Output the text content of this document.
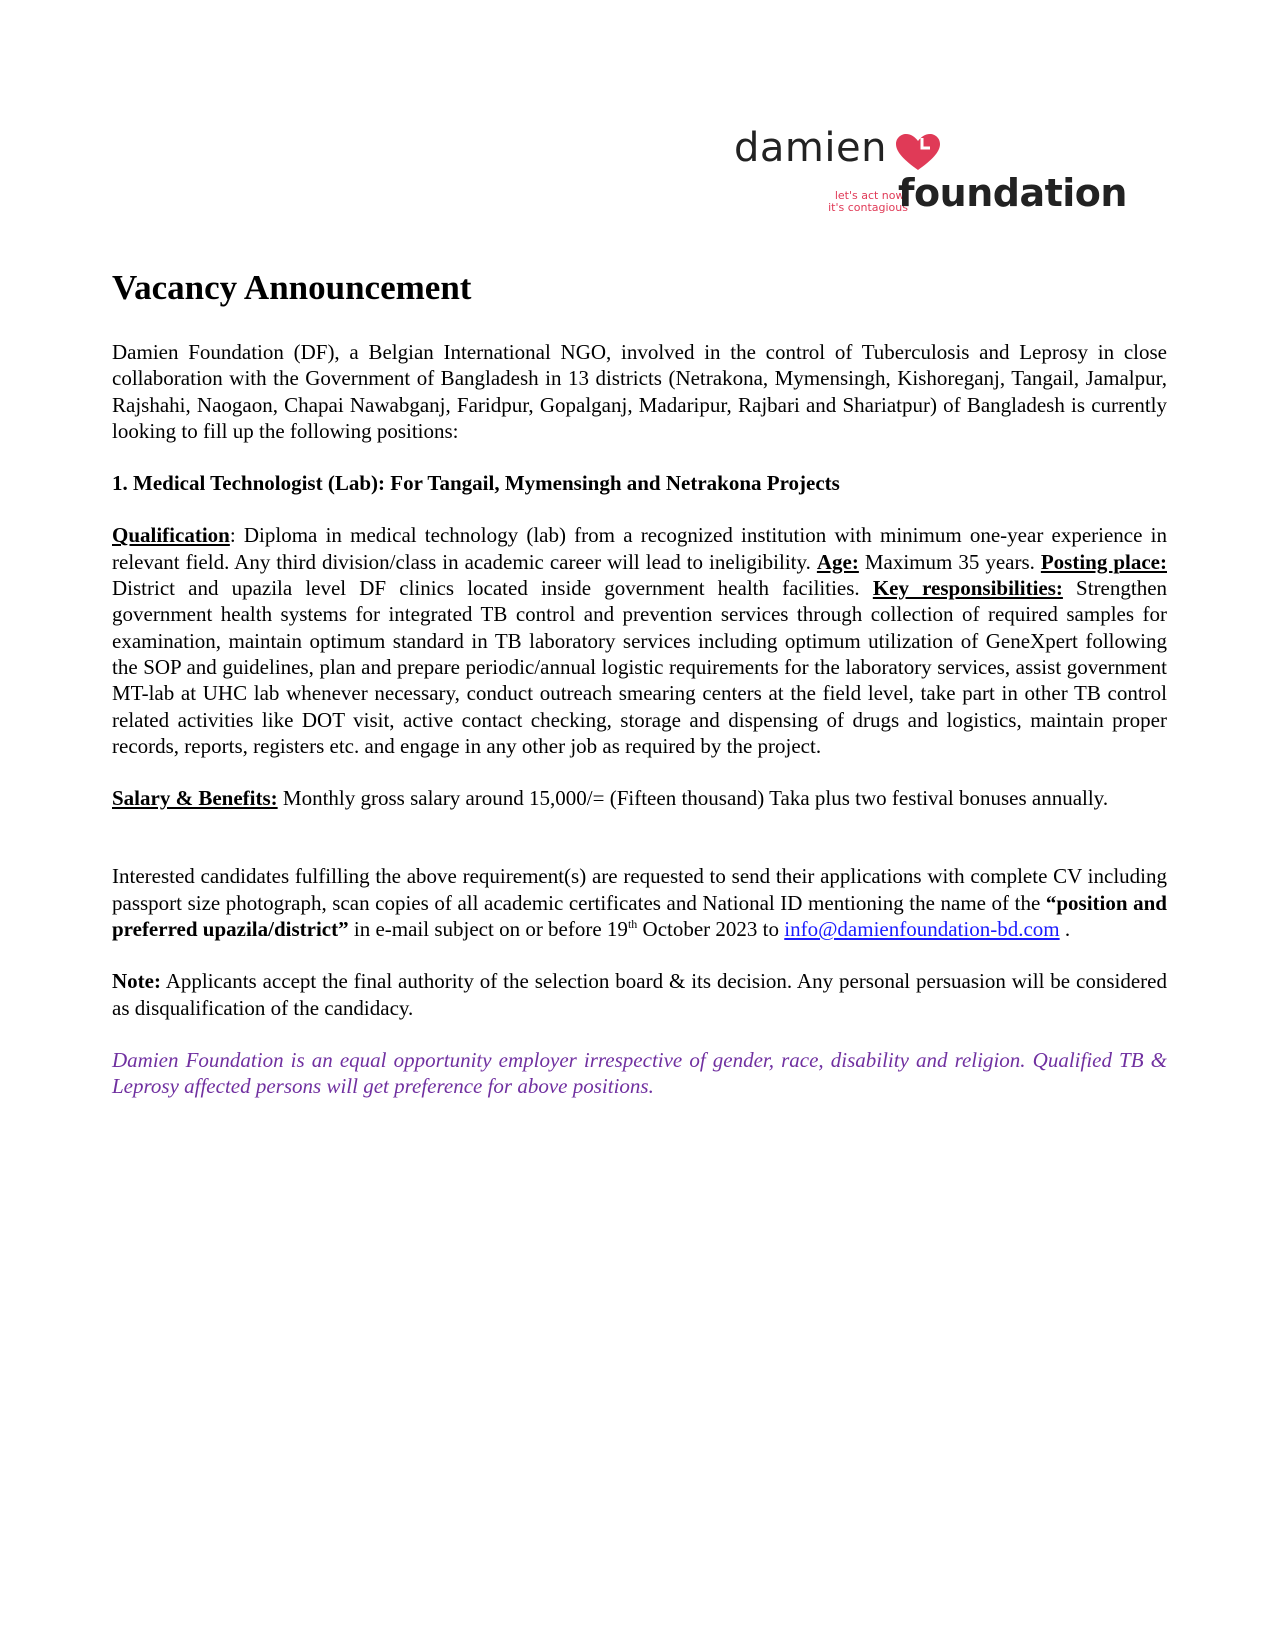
damien
let's act now,
it's contagious
foundation
Vacancy Announcement

Damien Foundation (DF), a Belgian International NGO, involved in the control of Tuberculosis and Leprosy in close collaboration with the Government of Bangladesh in 13 districts (Netrakona, Mymensingh, Kishoreganj, Tangail, Jamalpur, Rajshahi, Naogaon, Chapai Nawabganj, Faridpur, Gopalganj, Madaripur, Rajbari and Shariatpur) of Bangladesh is currently looking to fill up the following positions:

1. Medical Technologist (Lab): For Tangail, Mymensingh and Netrakona Projects

Qualification: Diploma in medical technology (lab) from a recognized institution with minimum one-year experience in relevant field. Any third division/class in academic career will lead to ineligibility. Age: Maximum 35 years. Posting place: District and upazila level DF clinics located inside government health facilities. Key responsibilities: Strengthen government health systems for integrated TB control and prevention services through collection of required samples for examination, maintain optimum standard in TB laboratory services including optimum utilization of GeneXpert following the SOP and guidelines, plan and prepare periodic/annual logistic requirements for the laboratory services, assist government MT-lab at UHC lab whenever necessary, conduct outreach smearing centers at the field level, take part in other TB control related activities like DOT visit, active contact checking, storage and dispensing of drugs and logistics, maintain proper records, reports, registers etc. and engage in any other job as required by the project.

Salary & Benefits: Monthly gross salary around 15,000/= (Fifteen thousand) Taka plus two festival bonuses annually.

Interested candidates fulfilling the above requirement(s) are requested to send their applications with complete CV including passport size photograph, scan copies of all academic certificates and National ID mentioning the name of the “position and preferred upazila/district” in e-mail subject on or before 19th October 2023 to info@damienfoundation-bd.com .

Note: Applicants accept the final authority of the selection board & its decision. Any personal persuasion will be considered as disqualification of the candidacy.

Damien Foundation is an equal opportunity employer irrespective of gender, race, disability and religion. Qualified TB & Leprosy affected persons will get preference for above positions.
